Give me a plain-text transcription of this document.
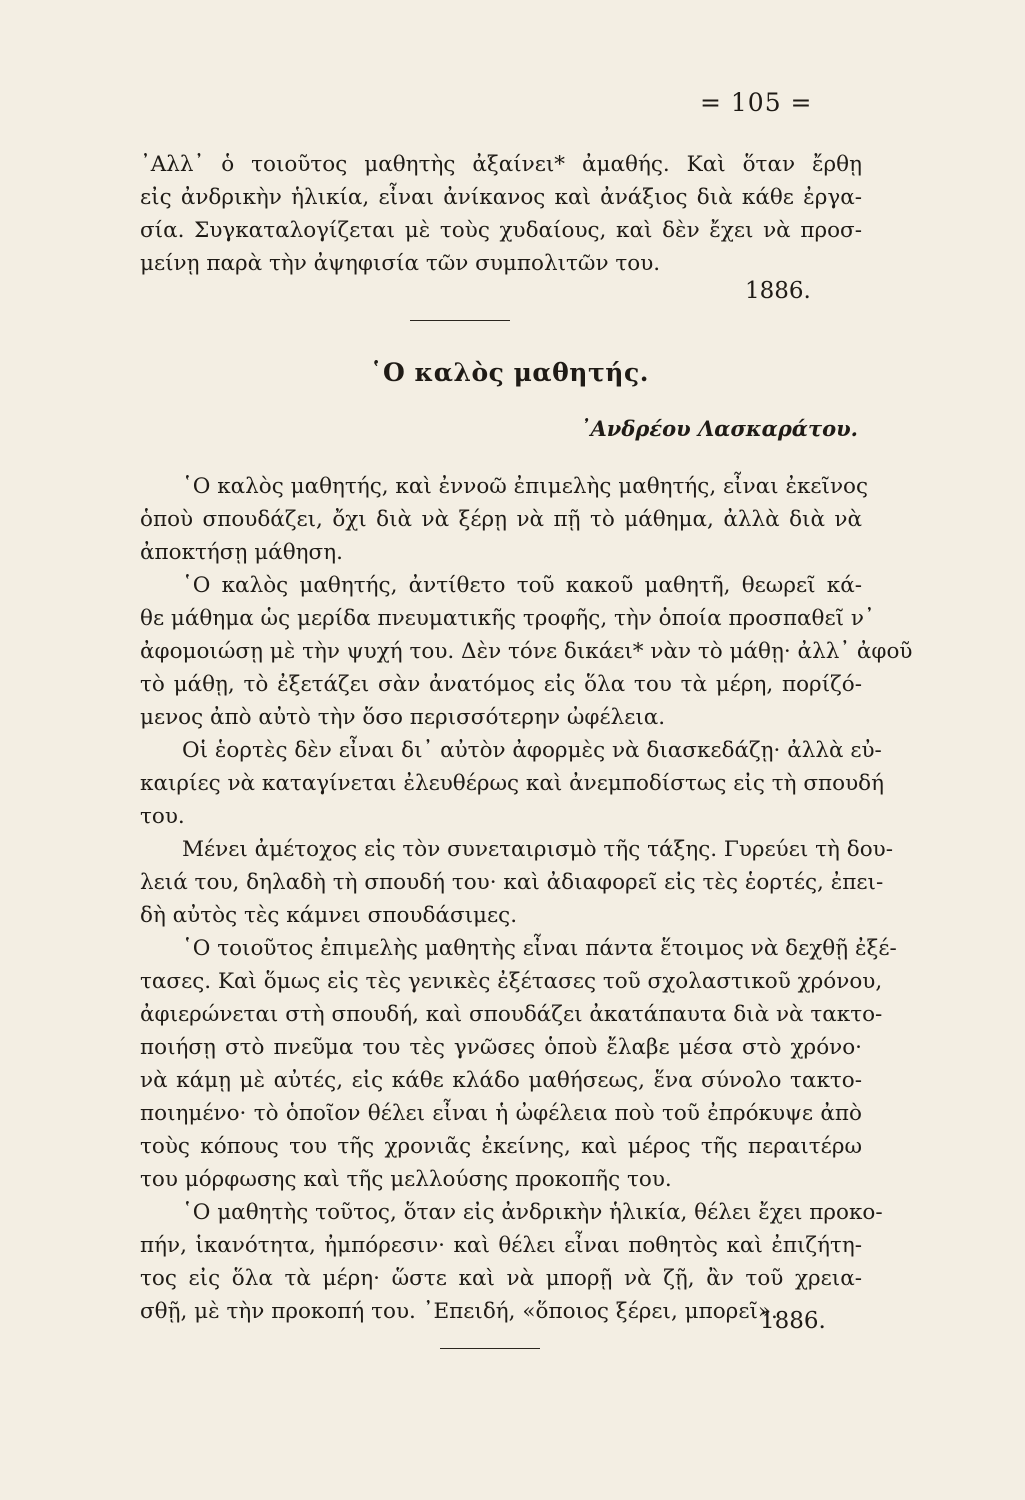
= 105 =
᾿Αλλ᾿ ὁ τοιοῦτος μαθητὴς ἀξαίνει* ἀμαθής. Καὶ ὅταν ἔρθῃ
εἰς ἀνδρικὴν ἡλικία, εἶναι ἀνίκανος καὶ ἀνάξιος διὰ κάθε ἐργα-
σία. Συγκαταλογίζεται μὲ τοὺς χυδαίους, καὶ δὲν ἔχει νὰ προσ-
μείνῃ παρὰ τὴν ἀψηφισία τῶν συμπολιτῶν του.
1886.
῾Ο καλὸς μαθητής.
᾿Ανδρέου Λασκαράτου.
῾Ο καλὸς μαθητής, καὶ ἐννοῶ ἐπιμελὴς μαθητής, εἶναι ἐκεῖνος
ὁποὺ σπουδάζει, ὄχι διὰ νὰ ξέρῃ νὰ πῇ τὸ μάθημα, ἀλλὰ διὰ νὰ
ἀποκτήσῃ μάθηση.
῾Ο καλὸς μαθητής, ἀντίθετο τοῦ κακοῦ μαθητῆ, θεωρεῖ κά-
θε μάθημα ὡς μερίδα πνευματικῆς τροφῆς, τὴν ὁποία προσπαθεῖ ν᾿
ἀφομοιώσῃ μὲ τὴν ψυχή του. Δὲν τόνε δικάει* νὰν τὸ μάθῃ· ἀλλ᾿ ἀφοῦ
τὸ μάθῃ, τὸ ἐξετάζει σὰν ἀνατόμος εἰς ὅλα του τὰ μέρη, πορίζό-
μενος ἀπὸ αὐτὸ τὴν ὅσο περισσότερην ὠφέλεια.
Οἱ ἑορτὲς δὲν εἶναι δι᾿ αὐτὸν ἀφορμὲς νὰ διασκεδάζῃ· ἀλλὰ εὐ-
καιρίες νὰ καταγίνεται ἐλευθέρως καὶ ἀνεμποδίστως εἰς τὴ σπουδή
του.
Μένει ἀμέτοχος εἰς τὸν συνεταιρισμὸ τῆς τάξης. Γυρεύει τὴ δου-
λειά του, δηλαδὴ τὴ σπουδή του· καὶ ἀδιαφορεῖ εἰς τὲς ἑορτές, ἐπει-
δὴ αὐτὸς τὲς κάμνει σπουδάσιμες.
῾Ο τοιοῦτος ἐπιμελὴς μαθητὴς εἶναι πάντα ἕτοιμος νὰ δεχθῇ ἐξέ-
τασες. Καὶ ὅμως εἰς τὲς γενικὲς ἐξέτασες τοῦ σχολαστικοῦ χρόνου,
ἀφιερώνεται στὴ σπουδή, καὶ σπουδάζει ἀκατάπαυτα διὰ νὰ τακτο-
ποιήσῃ στὸ πνεῦμα του τὲς γνῶσες ὁποὺ ἔλαβε μέσα στὸ χρόνο·
νὰ κάμῃ μὲ αὐτές, εἰς κάθε κλάδο μαθήσεως, ἕνα σύνολο τακτο-
ποιημένο· τὸ ὁποῖον θέλει εἶναι ἡ ὠφέλεια ποὺ τοῦ ἐπρόκυψε ἀπὸ
τοὺς κόπους του τῆς χρονιᾶς ἐκείνης, καὶ μέρος τῆς περαιτέρω
του μόρφωσης καὶ τῆς μελλούσης προκοπῆς του.
῾Ο μαθητὴς τοῦτος, ὅταν εἰς ἀνδρικὴν ἡλικία, θέλει ἔχει προκο-
πήν, ἱκανότητα, ἠμπόρεσιν· καὶ θέλει εἶναι ποθητὸς καὶ ἐπιζήτη-
τος εἰς ὅλα τὰ μέρη· ὥστε καὶ νὰ μπορῇ νὰ ζῇ, ἂν τοῦ χρεια-
σθῇ, μὲ τὴν προκοπή του. ᾿Επειδή, «ὅποιος ξέρει, μπορεῖ».
1886.
